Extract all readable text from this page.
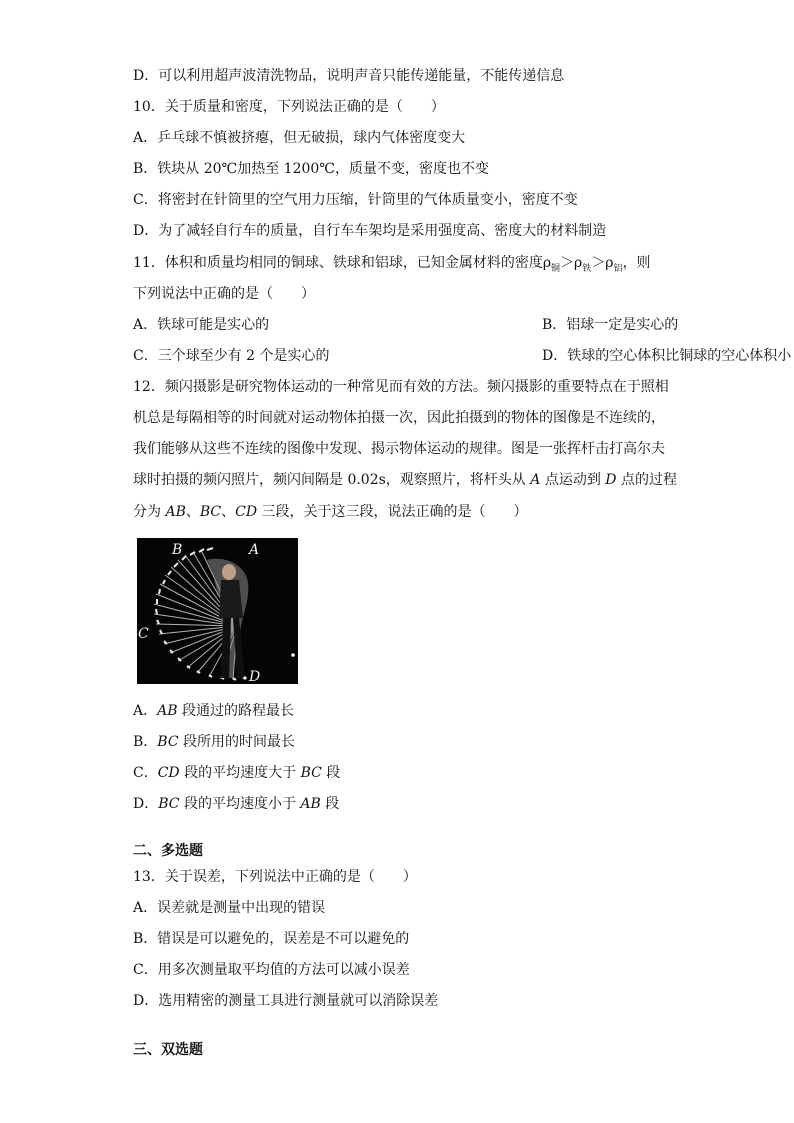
D．可以利用超声波清洗物品，说明声音只能传递能量，不能传递信息
10．关于质量和密度，下列说法正确的是（　　）
A．乒乓球不慎被挤瘪，但无破损，球内气体密度变大
B．铁块从 20℃加热至 1200℃，质量不变，密度也不变
C．将密封在针筒里的空气用力压缩，针筒里的气体质量变小，密度不变
D．为了减轻自行车的质量，自行车车架均是采用强度高、密度大的材料制造
11．体积和质量均相同的铜球、铁球和铝球，已知金属材料的密度$\rho_铜>\rho_铁>\rho_铝$，则
下列说法中正确的是（　　）
A．铁球可能是实心的	B．铝球一定是实心的
C．三个球至少有 2 个是实心的	D．铁球的空心体积比铜球的空心体积小
12．频闪摄影是研究物体运动的一种常见而有效的方法。频闪摄影的重要特点在于照相
机总是每隔相等的时间就对运动物体拍摄一次，因此拍摄到的物体的图像是不连续的，
我们能够从这些不连续的图像中发现、揭示物体运动的规律。图是一张挥杆击打高尔夫
球时拍摄的频闪照片，频闪间隔是 0.02s，观察照片，将杆头从 A 点运动到 D 点的过程
分为 AB、BC、CD 三段，关于这三段，说法正确的是（　　）
B	A
C
D
A．AB 段通过的路程最长
B．BC 段所用的时间最长
C．CD 段的平均速度大于 BC 段
D．BC 段的平均速度小于 AB 段
二、多选题
13．关于误差，下列说法中正确的是（　　）
A．误差就是测量中出现的错误
B．错误是可以避免的，误差是不可以避免的
C．用多次测量取平均值的方法可以减小误差
D．选用精密的测量工具进行测量就可以消除误差
三、双选题
